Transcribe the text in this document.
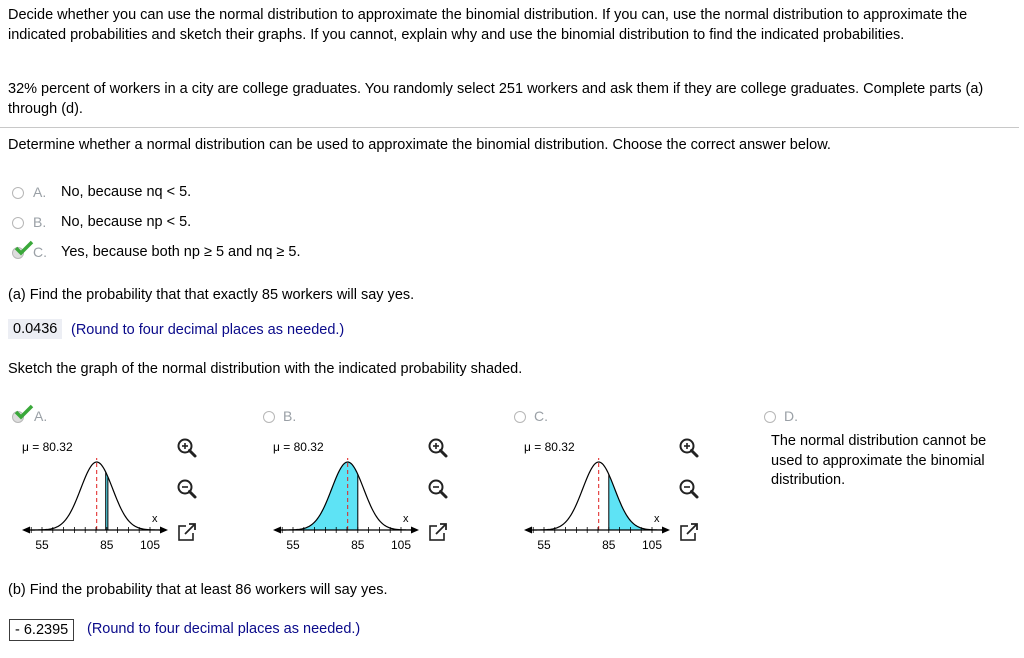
Decide whether you can use the normal distribution to approximate the binomial distribution. If you can, use the normal distribution to approximate the indicated probabilities and sketch their graphs. If you cannot, explain why and use the binomial distribution to find the indicated probabilities.
32% percent of workers in a city are college graduates. You randomly select 251 workers and ask them if they are college graduates. Complete parts (a) through (d).
Determine whether a normal distribution can be used to approximate the binomial distribution. Choose the correct answer below.
A. No, because nq < 5.
B. No, because np < 5.
C. Yes, because both np ≥ 5 and nq ≥ 5.
(a) Find the probability that that exactly 85 workers will say yes.
0.0436 (Round to four decimal places as needed.)
Sketch the graph of the normal distribution with the indicated probability shaded.
A.
μ = 80.32
x
55	85 105
B.
μ = 80.32
x
55	85 105
C.
μ = 80.32
x
55	85 105
D.
The normal distribution cannot be used to approximate the binomial distribution.
(b) Find the probability that at least 86 workers will say yes.
- 6.2395	(Round to four decimal places as needed.)
